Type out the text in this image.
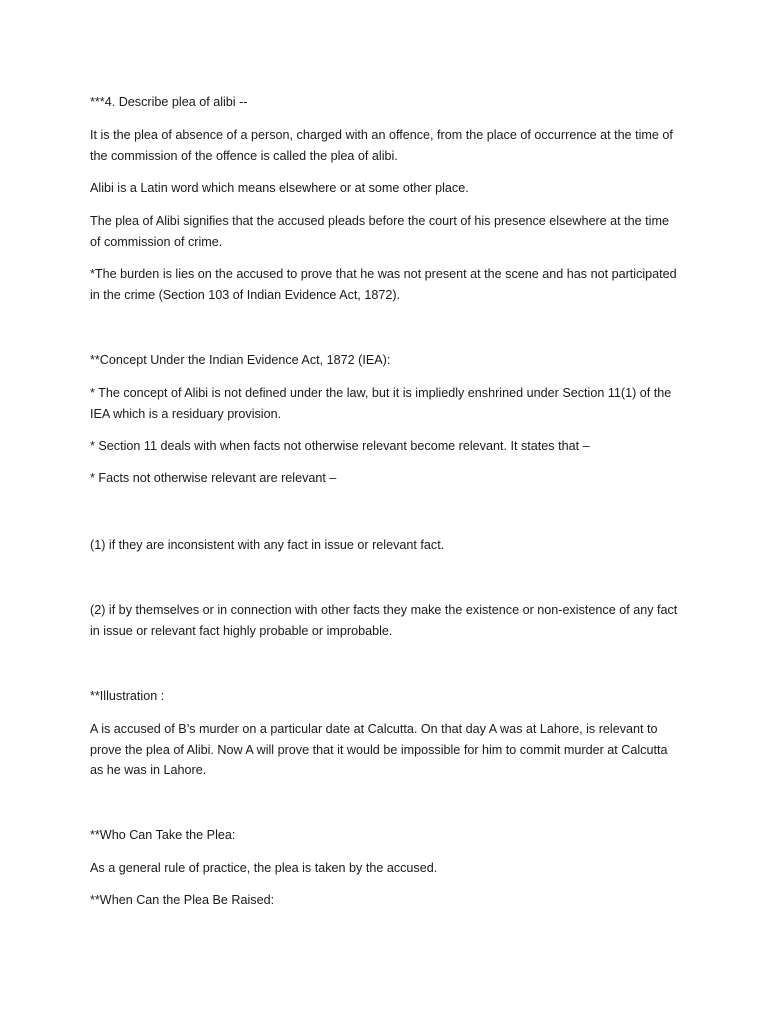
***4. Describe plea of alibi --

It is the plea of absence of a person, charged with an offence, from the place of occurrence at the time of the commission of the offence is called the plea of alibi.

Alibi is a Latin word which means elsewhere or at some other place.

The plea of Alibi signifies that the accused pleads before the court of his presence elsewhere at the time of commission of crime.

*The burden is lies on the accused to prove that he was not present at the scene and has not participated in the crime (Section 103 of Indian Evidence Act, 1872).

**Concept Under the Indian Evidence Act, 1872 (IEA):

* The concept of Alibi is not defined under the law, but it is impliedly enshrined under Section 11(1) of the IEA which is a residuary provision.

* Section 11 deals with when facts not otherwise relevant become relevant. It states that –

* Facts not otherwise relevant are relevant –

(1) if they are inconsistent with any fact in issue or relevant fact.

(2) if by themselves or in connection with other facts they make the existence or non-existence of any fact in issue or relevant fact highly probable or improbable.

**Illustration :

A is accused of B’s murder on a particular date at Calcutta. On that day A was at Lahore, is relevant to prove the plea of Alibi. Now A will prove that it would be impossible for him to commit murder at Calcutta as he was in Lahore.

**Who Can Take the Plea:

As a general rule of practice, the plea is taken by the accused.

**When Can the Plea Be Raised:
